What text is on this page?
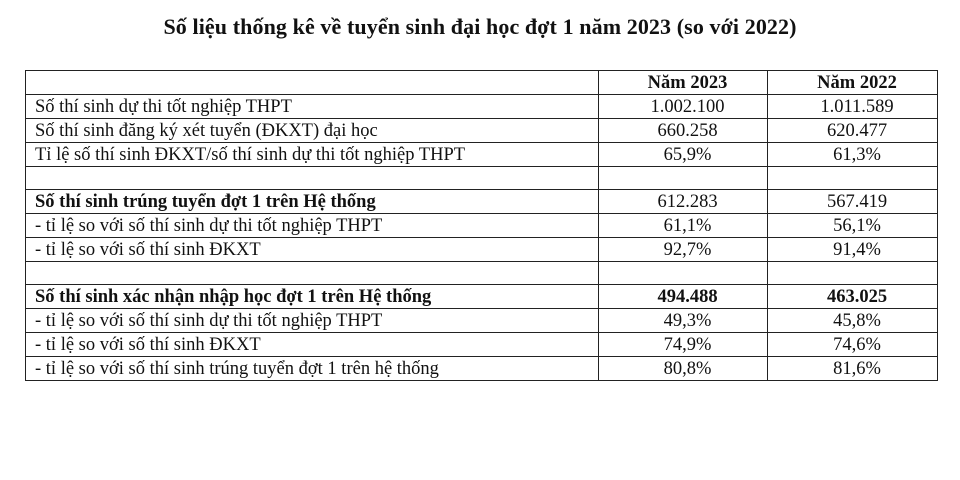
Số liệu thống kê về tuyển sinh đại học đợt 1 năm 2023 (so với 2022)
	Năm 2023	Năm 2022
Số thí sinh dự thi tốt nghiệp THPT	1.002.100	1.011.589
Số thí sinh đăng ký xét tuyển (ĐKXT) đại học	660.258	620.477
Tỉ lệ số thí sinh ĐKXT/số thí sinh dự thi tốt nghiệp THPT	65,9%	61,3%

Số thí sinh trúng tuyển đợt 1 trên Hệ thống	612.283	567.419
- tỉ lệ so với số thí sinh dự thi tốt nghiệp THPT	61,1%	56,1%
- tỉ lệ so với số thí sinh ĐKXT	92,7%	91,4%

Số thí sinh xác nhận nhập học đợt 1 trên Hệ thống	494.488	463.025
- tỉ lệ so với số thí sinh dự thi tốt nghiệp THPT	49,3%	45,8%
- tỉ lệ so với số thí sinh ĐKXT	74,9%	74,6%
- tỉ lệ so với số thí sinh trúng tuyển đợt 1 trên hệ thống	80,8%	81,6%
